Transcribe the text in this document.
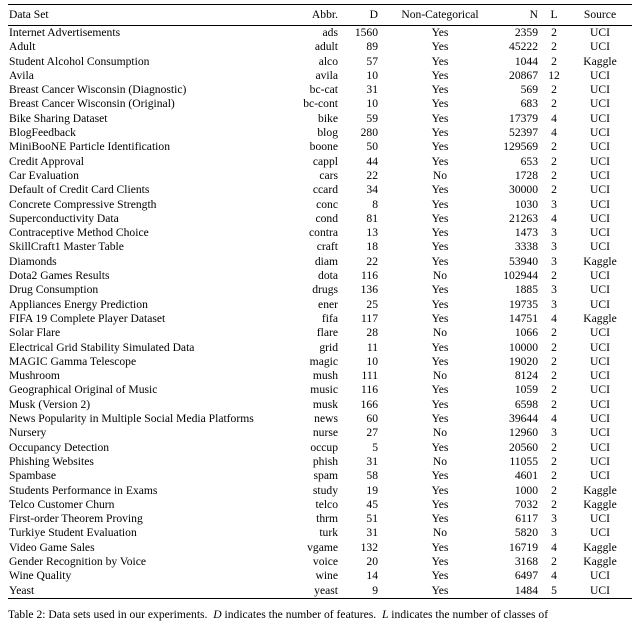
Data Set	Abbr.	D	Non-Categorical	N	L	Source
Internet Advertisements	ads	1560	Yes	2359	2	UCI
Adult	adult	89	Yes	45222	2	UCI
Student Alcohol Consumption	alco	57	Yes	1044	2	Kaggle
Avila	avila	10	Yes	20867	12	UCI
Breast Cancer Wisconsin (Diagnostic)	bc-cat	31	Yes	569	2	UCI
Breast Cancer Wisconsin (Original)	bc-cont	10	Yes	683	2	UCI
Bike Sharing Dataset	bike	59	Yes	17379	4	UCI
BlogFeedback	blog	280	Yes	52397	4	UCI
MiniBooNE Particle Identification	boone	50	Yes	129569	2	UCI
Credit Approval	cappl	44	Yes	653	2	UCI
Car Evaluation	cars	22	No	1728	2	UCI
Default of Credit Card Clients	ccard	34	Yes	30000	2	UCI
Concrete Compressive Strength	conc	8	Yes	1030	3	UCI
Superconductivity Data	cond	81	Yes	21263	4	UCI
Contraceptive Method Choice	contra	13	Yes	1473	3	UCI
SkillCraft1 Master Table	craft	18	Yes	3338	3	UCI
Diamonds	diam	22	Yes	53940	3	Kaggle
Dota2 Games Results	dota	116	No	102944	2	UCI
Drug Consumption	drugs	136	Yes	1885	3	UCI
Appliances Energy Prediction	ener	25	Yes	19735	3	UCI
FIFA 19 Complete Player Dataset	fifa	117	Yes	14751	4	Kaggle
Solar Flare	flare	28	No	1066	2	UCI
Electrical Grid Stability Simulated Data	grid	11	Yes	10000	2	UCI
MAGIC Gamma Telescope	magic	10	Yes	19020	2	UCI
Mushroom	mush	111	No	8124	2	UCI
Geographical Original of Music	music	116	Yes	1059	2	UCI
Musk (Version 2)	musk	166	Yes	6598	2	UCI
News Popularity in Multiple Social Media Platforms	news	60	Yes	39644	4	UCI
Nursery	nurse	27	No	12960	3	UCI
Occupancy Detection	occup	5	Yes	20560	2	UCI
Phishing Websites	phish	31	No	11055	2	UCI
Spambase	spam	58	Yes	4601	2	UCI
Students Performance in Exams	study	19	Yes	1000	2	Kaggle
Telco Customer Churn	telco	45	Yes	7032	2	Kaggle
First-order Theorem Proving	thrm	51	Yes	6117	3	UCI
Turkiye Student Evaluation	turk	31	No	5820	3	UCI
Video Game Sales	vgame	132	Yes	16719	4	Kaggle
Gender Recognition by Voice	voice	20	Yes	3168	2	Kaggle
Wine Quality	wine	14	Yes	6497	4	UCI
Yeast	yeast	9	Yes	1484	5	UCI
Table 2: Data sets used in our experiments.  D indicates the number of features.  L indicates the number of classes of
